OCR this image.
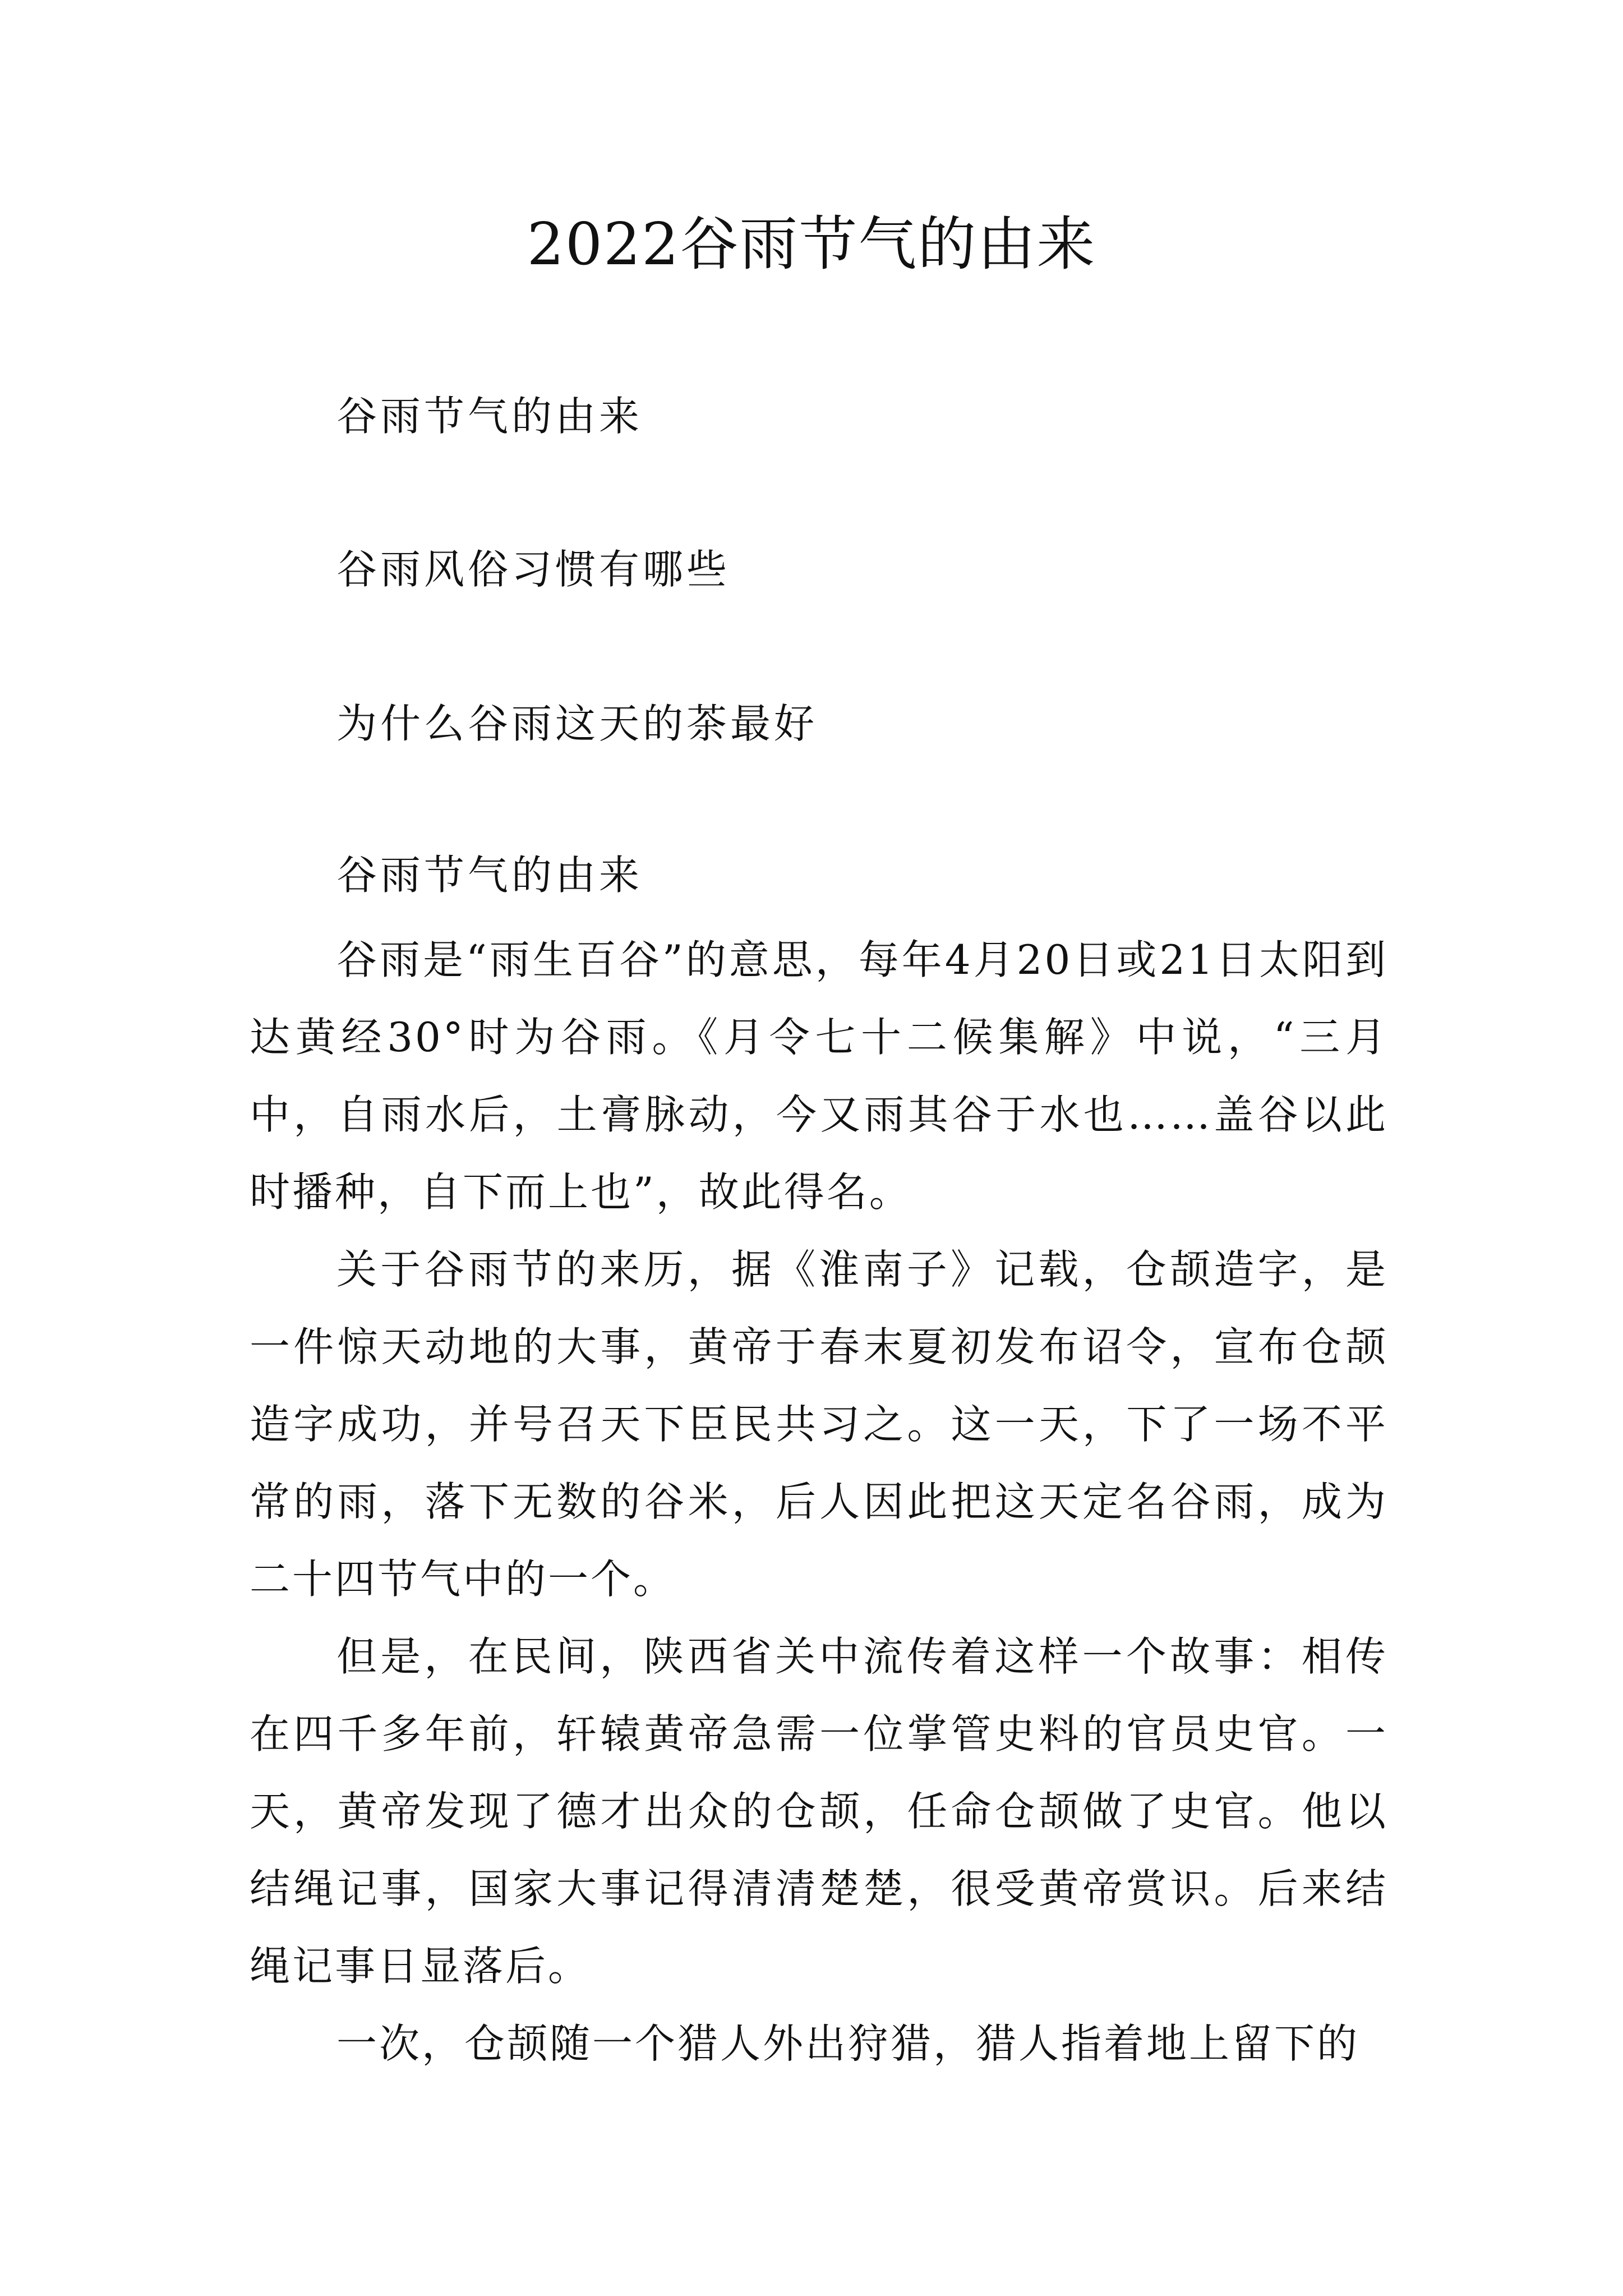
2022谷雨节气的由来

谷雨节气的由来

谷雨风俗习惯有哪些

为什么谷雨这天的茶最好

谷雨节气的由来

谷雨是“雨生百谷”的意思，每年4月20日或21日太阳到达黄经30°时为谷雨。《月令七十二候集解》中说，“三月中，自雨水后，土膏脉动，今又雨其谷于水也……盖谷以此时播种，自下而上也”，故此得名。

关于谷雨节的来历，据《淮南子》记载，仓颉造字，是一件惊天动地的大事，黄帝于春末夏初发布诏令，宣布仓颉造字成功，并号召天下臣民共习之。这一天，下了一场不平常的雨，落下无数的谷米，后人因此把这天定名谷雨，成为二十四节气中的一个。

但是，在民间，陕西省关中流传着这样一个故事：相传在四千多年前，轩辕黄帝急需一位掌管史料的官员史官。一天，黄帝发现了德才出众的仓颉，任命仓颉做了史官。他以结绳记事，国家大事记得清清楚楚，很受黄帝赏识。后来结绳记事日显落后。

一次，仓颉随一个猎人外出狩猎，猎人指着地上留下的
